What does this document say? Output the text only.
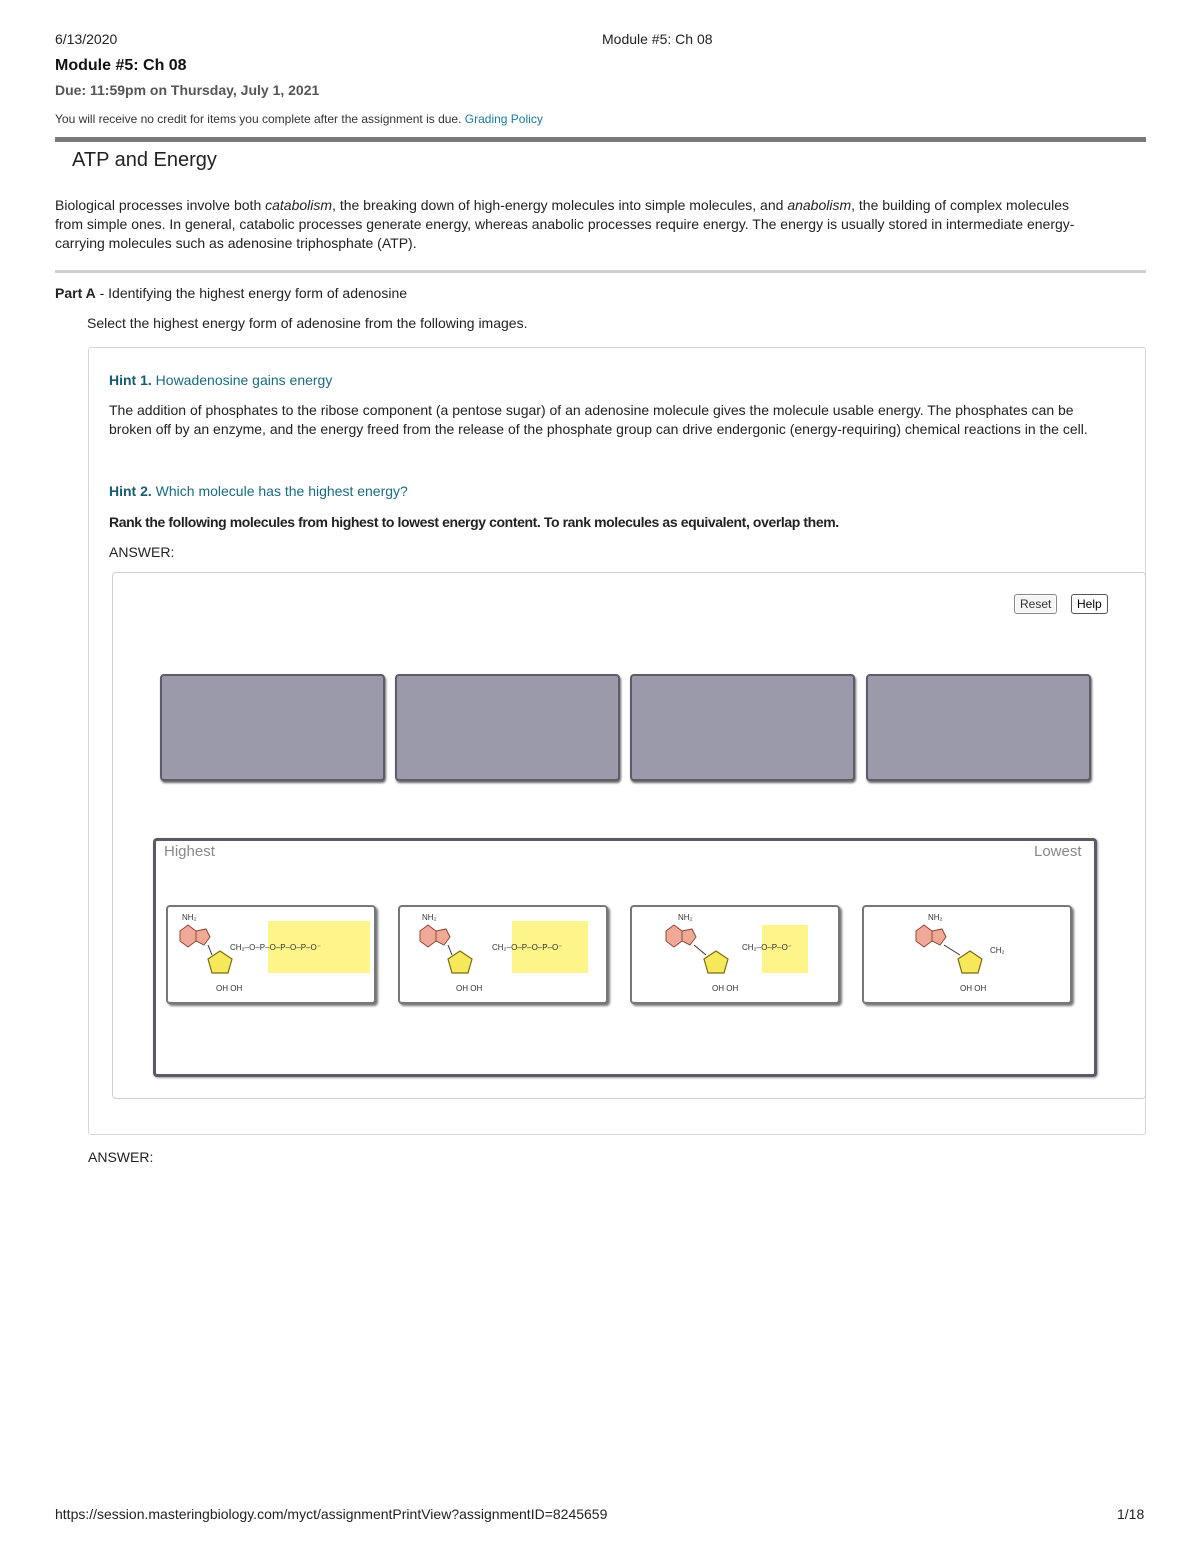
6/13/2020	Module #5: Ch 08
Module #5: Ch 08
Due: 11:59pm on Thursday, July 1, 2021
You will receive no credit for items you complete after the assignment is due. Grading Policy
ATP and Energy
Biological processes involve both catabolism, the breaking down of high-energy molecules into simple molecules, and anabolism, the building of complex molecules from simple ones. In general, catabolic processes generate energy, whereas anabolic processes require energy. The energy is usually stored in intermediate energy-carrying molecules such as adenosine triphosphate (ATP).
Part A - Identifying the highest energy form of adenosine
Select the highest energy form of adenosine from the following images.
Hint 1. Howadenosine gains energy
The addition of phosphates to the ribose component (a pentose sugar) of an adenosine molecule gives the molecule usable energy. The phosphates can be broken off by an enzyme, and the energy freed from the release of the phosphate group can drive endergonic (energy-requiring) chemical reactions in the cell.
Hint 2. Which molecule has the highest energy?
Rank the following molecules from highest to lowest energy content. To rank molecules as equivalent, overlap them.
ANSWER:
Reset	Help
Highest	Lowest
NH₂
CH₂–O–P–O–P–O–P–O⁻
OH OH
NH₂
CH₂–O–P–O–P–O⁻
OH OH
NH₂
CH₂–O–P–O⁻
OH OH
NH₂
CH₂
OH OH
ANSWER:
https://session.masteringbiology.com/myct/assignmentPrintView?assignmentID=8245659	1/18
